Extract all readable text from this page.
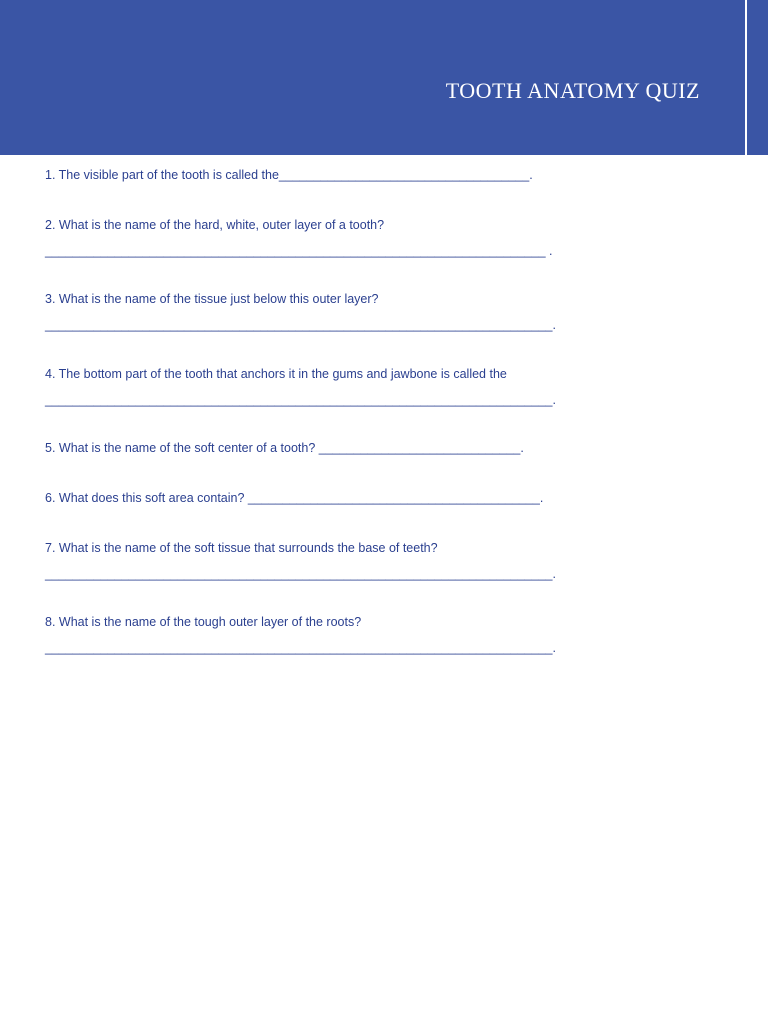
TOOTH ANATOMY QUIZ
1. The visible part of the tooth is called the____________________________________.
2. What is the name of the hard, white, outer layer of a tooth?
________________________________________________________________________ .
3. What is the name of the tissue just below this outer layer?
_________________________________________________________________________.
4. The bottom part of the tooth that anchors it in the gums and jawbone is called the
_________________________________________________________________________.
5. What is the name of the soft center of a tooth? _____________________________.
6. What does this soft area contain? __________________________________________.
7. What is the name of the soft tissue that surrounds the base of teeth?
_________________________________________________________________________.
8. What is the name of the tough outer layer of the roots?
_________________________________________________________________________.
